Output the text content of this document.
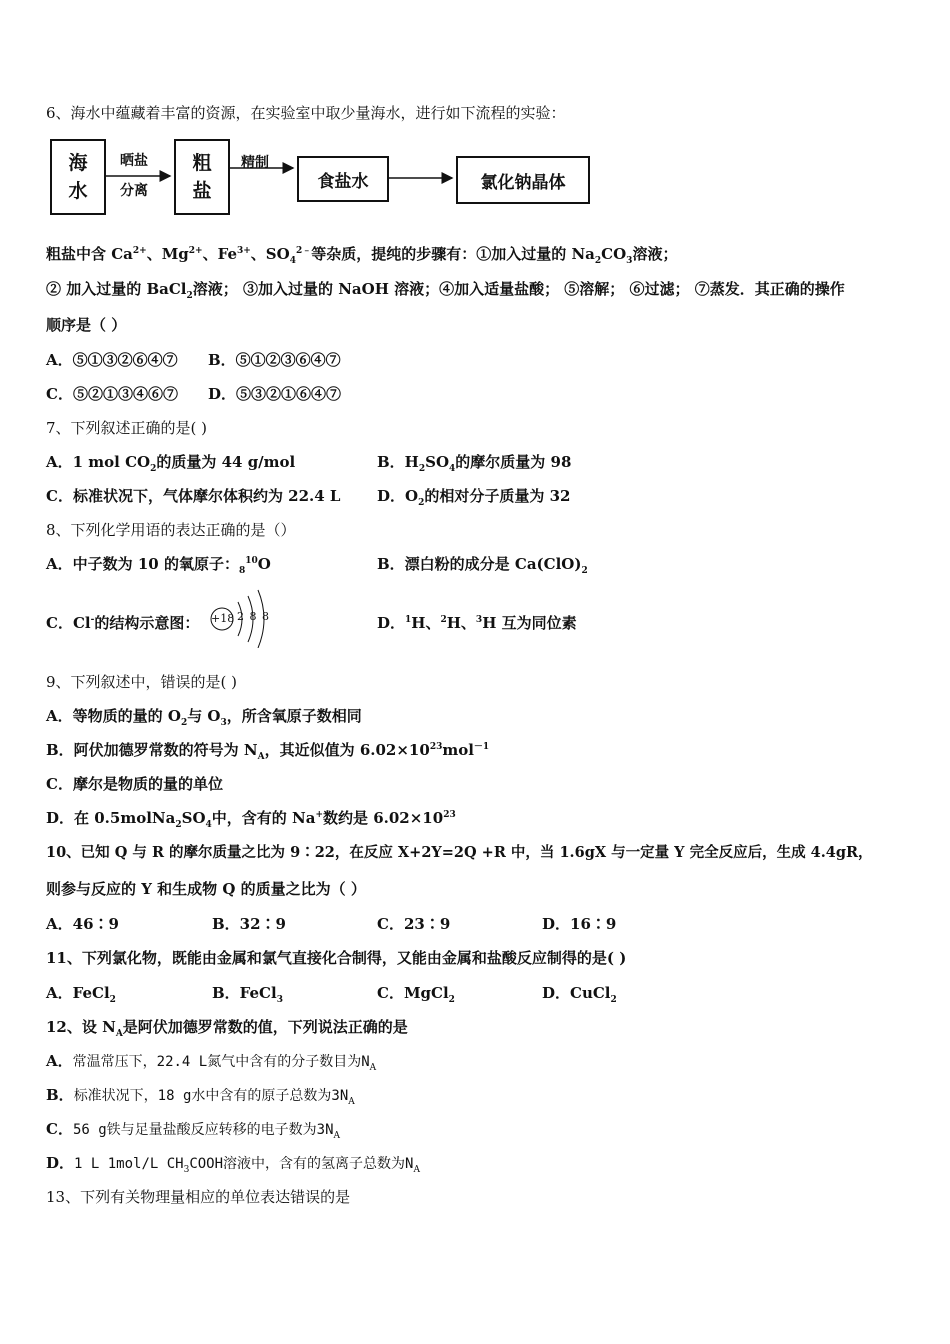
6、海水中蕴藏着丰富的资源，在实验室中取少量海水，进行如下流程的实验：
海
水
晒盐
分离
粗
盐
精制
食盐水	氯化钠晶体
粗盐中含 $Ca^{2+}$、$Mg^{2+}$、$Fe^{3+}$、$SO_4^{2﹣}$等杂质，提纯的步骤有：①加入过量的 $Na_2CO_3$溶液；
② 加入过量的 BaCl$_2$溶液； ③加入过量的 NaOH 溶液；④加入适量盐酸； ⑤溶解； ⑥过滤； ⑦蒸发．其正确的操作
顺序是（ ）
A．⑤①③②⑥④⑦ B．⑤①②③⑥④⑦
C．⑤②①③④⑥⑦ D．⑤③②①⑥④⑦
7、下列叙述正确的是( )
A．1 mol $CO_2$的质量为 44 g/mol	B．$H_2SO_4$的摩尔质量为 98
C．标准状况下，气体摩尔体积约为 22.4 L D．$O_2$的相对分子质量为 32
8、下列化学用语的表达正确的是（）
A．中子数为 10 的氧原子：$_8^{10}$O	B．漂白粉的成分是 $Ca(ClO)_2$
C．Cl-的结构示意图： +18 2 8 8	D．$^1$H、$^2$H、$^3$H 互为同位素
9、下列叙述中，错误的是( )
A．等物质的量的 $O_2$与 $O_3$，所含氧原子数相同
B．阿伏加德罗常数的符号为 $N_A$，其近似值为 $6.02\times 10^{23}mol^{-1}$
C．摩尔是物质的量的单位
D．在 $0.5molNa_2SO_4$中，含有的 Na+数约是 $6.02\times 10^{23}$
10、已知 Q 与 R 的摩尔质量之比为 9∶22，在反应 X+2Y=2Q +R 中，当 1.6gX 与一定量 Y 完全反应后，生成 4.4gR，
则参与反应的 Y 和生成物 Q 的质量之比为（ ）
A．46∶9	B．32∶9	C．23∶9	D．16∶9
11、下列氯化物，既能由金属和氯气直接化合制得，又能由金属和盐酸反应制得的是( )
A．FeCl$_2$	B．FeCl$_3$	C．MgCl$_2$	D．CuCl$_2$
12、设 $N_A$是阿伏加德罗常数的值，下列说法正确的是
A．常温常压下，22.4 L氮气中含有的分子数目为$N_A$
B．标准状况下，18 g水中含有的原子总数为$3N_A$
C．56 g铁与足量盐酸反应转移的电子数为$3N_A$
D．1 L 1mol/L $CH_3COOH$溶液中，含有的氢离子总数为$N_A$
13、下列有关物理量相应的单位表达错误的是
